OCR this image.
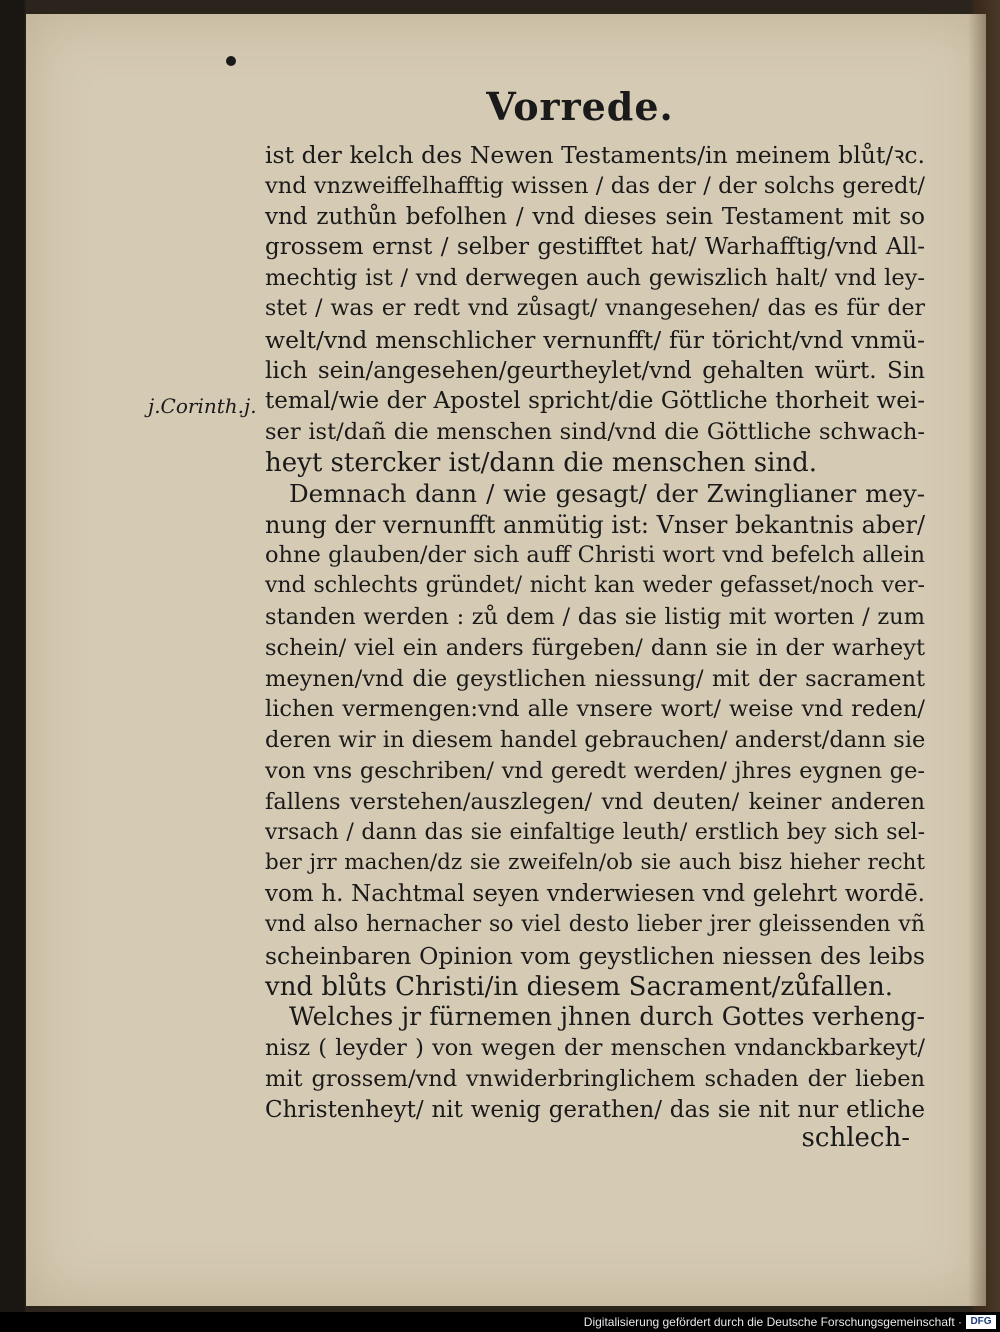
Vorrede.
j.Corinth.j.
ist der kelch des Newen Testaments/in meinem blůt/ꝛc.
vnd vnzweiffelhafftig wissen / das der / der solchs geredt/
vnd zuthůn befolhen / vnd dieses sein Testament mit so
grossem ernst / selber gestifftet hat/ Warhafftig/vnd All-
mechtig ist / vnd derwegen auch gewiszlich halt/ vnd ley-
stet / was er redt vnd zůsagt/ vnangesehen/ das es für der
welt/vnd menschlicher vernunfft/ für töricht/vnd vnmü-
lich sein/angesehen/geurtheylet/vnd gehalten würt. Sin
temal/wie der Apostel spricht/die Göttliche thorheit wei-
ser ist/dañ die menschen sind/vnd die Göttliche schwach-
heyt stercker ist/dann die menschen sind.
Demnach dann / wie gesagt/ der Zwinglianer mey-
nung der vernunfft anmütig ist: Vnser bekantnis aber/
ohne glauben/der sich auff Christi wort vnd befelch allein
vnd schlechts gründet/ nicht kan weder gefasset/noch ver-
standen werden : zů dem / das sie listig mit worten / zum
schein/ viel ein anders fürgeben/ dann sie in der warheyt
meynen/vnd die geystlichen niessung/ mit der sacrament
lichen vermengen:vnd alle vnsere wort/ weise vnd reden/
deren wir in diesem handel gebrauchen/ anderst/dann sie
von vns geschriben/ vnd geredt werden/ jhres eygnen ge-
fallens verstehen/auszlegen/ vnd deuten/ keiner anderen
vrsach / dann das sie einfaltige leuth/ erstlich bey sich sel-
ber jrr machen/dz sie zweifeln/ob sie auch bisz hieher recht
vom h. Nachtmal seyen vnderwiesen vnd gelehrt wordē.
vnd also hernacher so viel desto lieber jrer gleissenden vñ
scheinbaren Opinion vom geystlichen niessen des leibs
vnd blůts Christi/in diesem Sacrament/zůfallen.
Welches jr fürnemen jhnen durch Gottes verheng-
nisz ( leyder ) von wegen der menschen vndanckbarkeyt/
mit grossem/vnd vnwiderbringlichem schaden der lieben
Christenheyt/ nit wenig gerathen/ das sie nit nur etliche
schlech-
Digitalisierung gefördert durch die Deutsche Forschungsgemeinschaft · DFG
